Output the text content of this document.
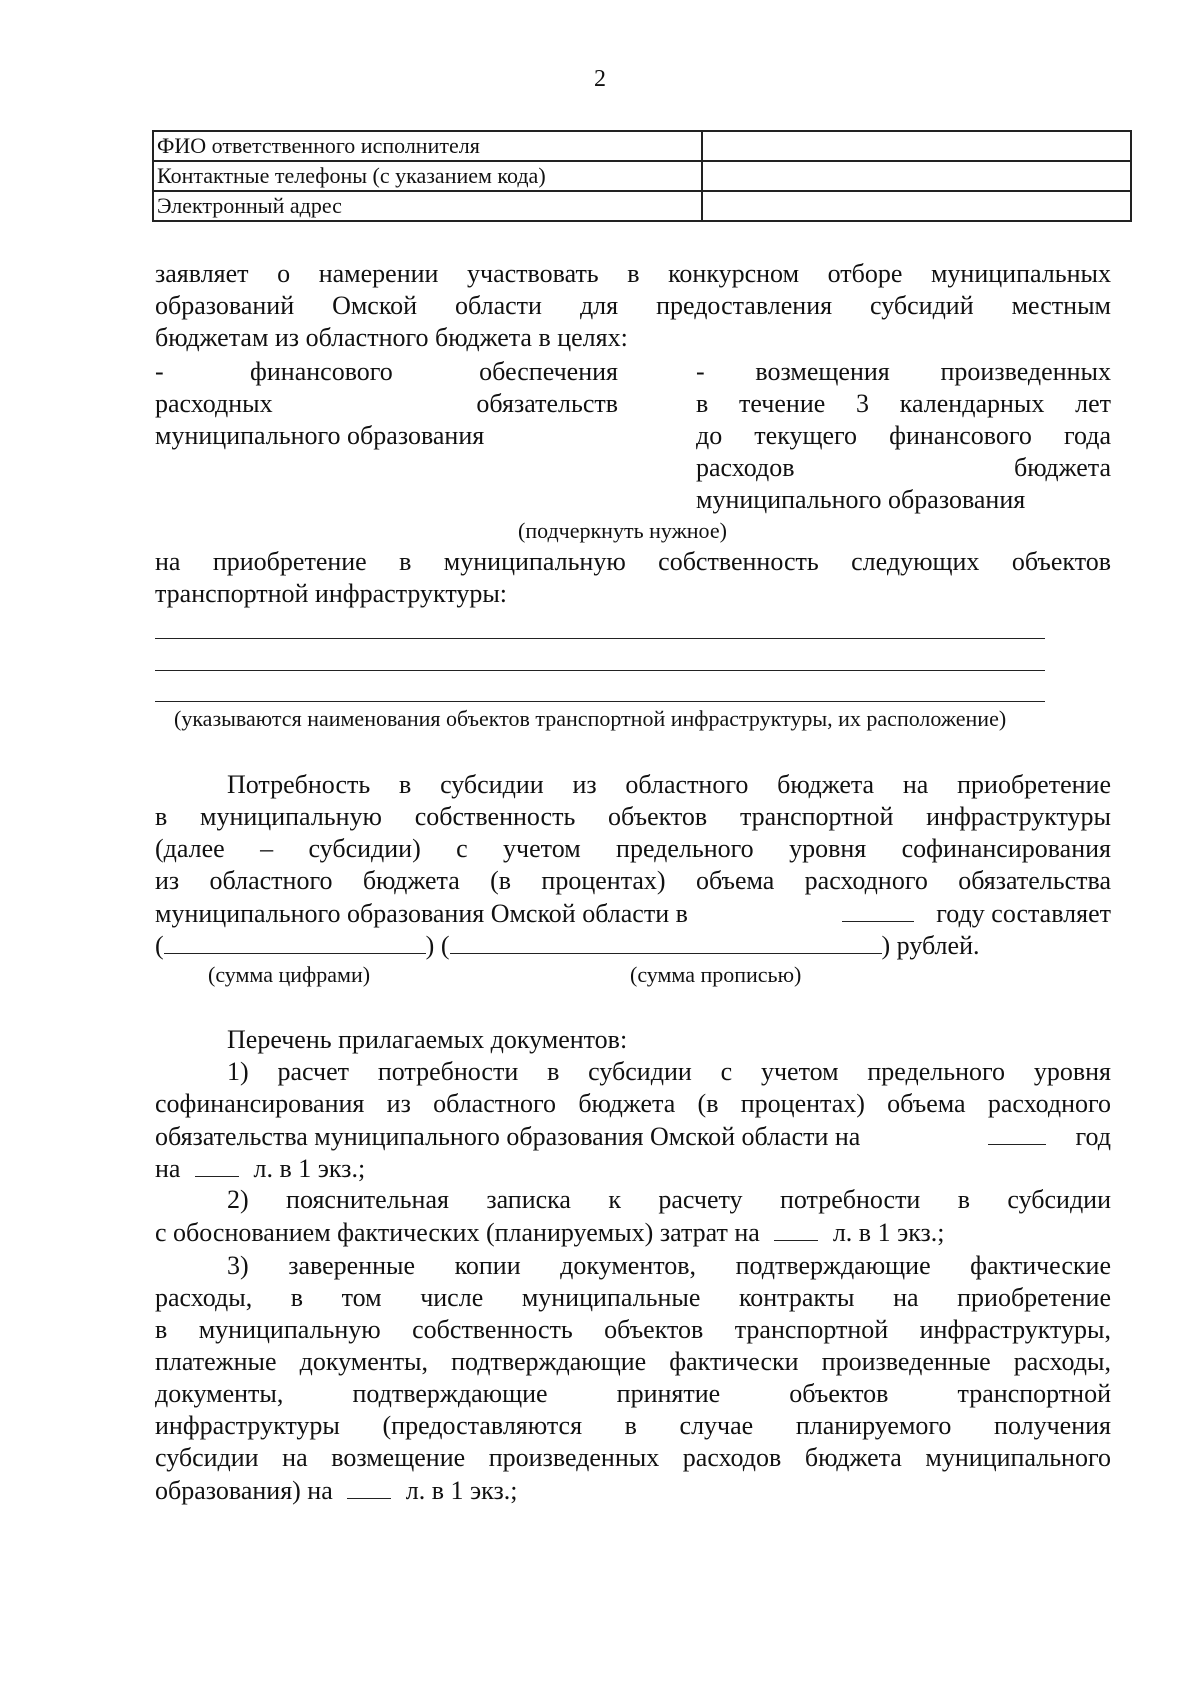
2
ФИО ответственного исполнителя	
Контактные телефоны (с указанием кода)	
Электронный адрес	
заявляет о намерении участвовать в конкурсном отборе муниципальных
образований Омской области для предоставления субсидий местным
бюджетам из областного бюджета в целях:
- финансового обеспечения
расходных обязательств
муниципального образования
- возмещения произведенных
в течение 3 календарных лет
до текущего финансового года
расходов бюджета
муниципального образования
(подчеркнуть нужное)
на приобретение в муниципальную собственность следующих объектов
транспортной инфраструктуры:
(указываются наименования объектов транспортной инфраструктуры, их расположение)
Потребность в субсидии из областного бюджета на приобретение
в муниципальную собственность объектов транспортной инфраструктуры
(далее – субсидии) с учетом предельного уровня софинансирования
из областного бюджета (в процентах) объема расходного обязательства
муниципального образования Омской области в	году составляет
(	) (	) рублей.
(сумма цифрами)	(сумма прописью)
Перечень прилагаемых документов:
1) расчет потребности в субсидии с учетом предельного уровня
софинансирования из областного бюджета (в процентах) объема расходного
обязательства муниципального образования Омской области на	год
на	л. в 1 экз.;
2) пояснительная записка к расчету потребности в субсидии
с обоснованием фактических (планируемых) затрат на	л. в 1 экз.;
3) заверенные копии документов, подтверждающие фактические
расходы, в том числе муниципальные контракты на приобретение
в муниципальную собственность объектов транспортной инфраструктуры,
платежные документы, подтверждающие фактически произведенные расходы,
документы, подтверждающие принятие объектов транспортной
инфраструктуры (предоставляются в случае планируемого получения
субсидии на возмещение произведенных расходов бюджета муниципального
образования) на	л. в 1 экз.;
